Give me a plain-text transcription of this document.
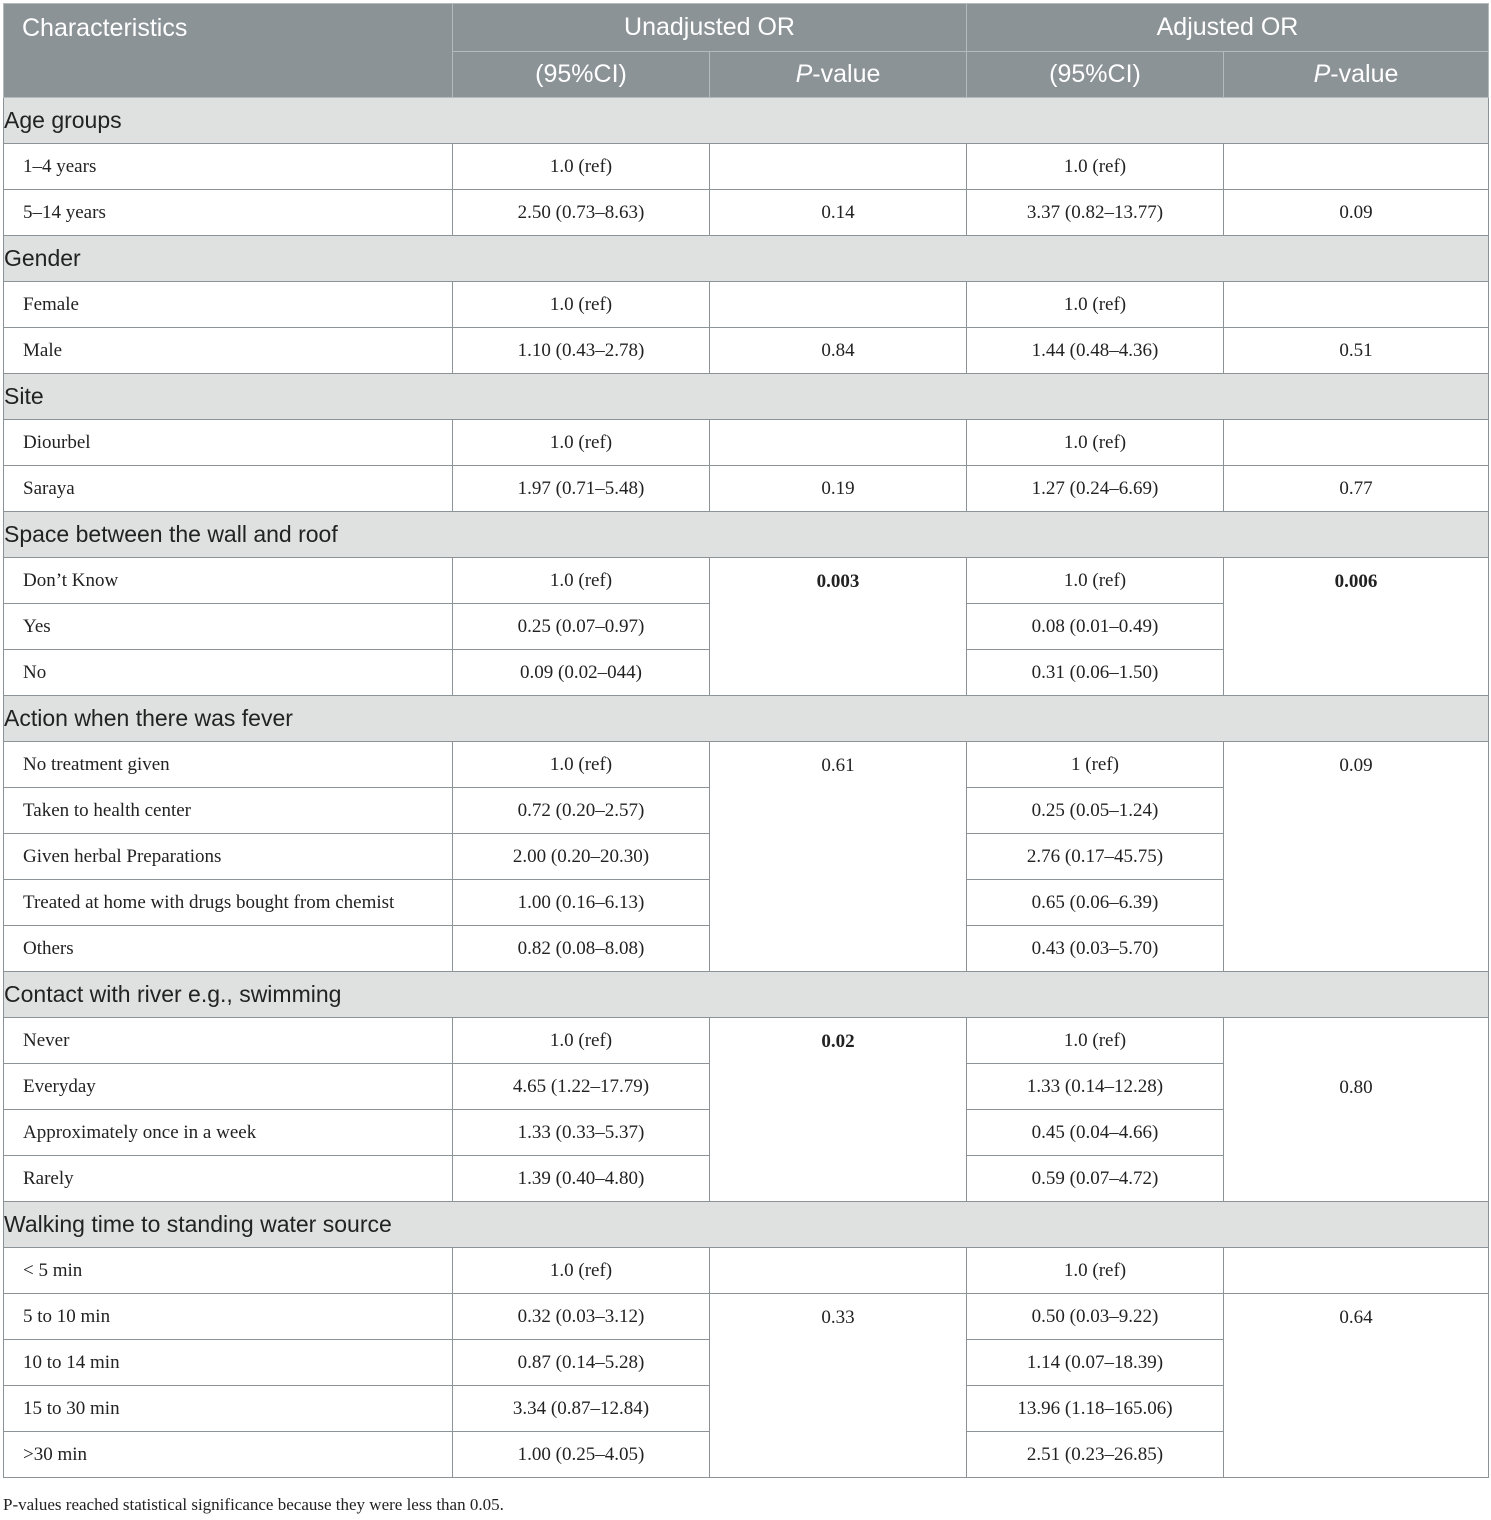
Characteristics	Unadjusted OR		Adjusted OR	
	(95%CI)	P-value	(95%CI)	P-value
Age groups				
1–4 years	1.0 (ref)		1.0 (ref)	
5–14 years	2.50 (0.73–8.63)	0.14	3.37 (0.82–13.77)	0.09
Gender				
Female	1.0 (ref)		1.0 (ref)	
Male	1.10 (0.43–2.78)	0.84	1.44 (0.48–4.36)	0.51
Site				
Diourbel	1.0 (ref)		1.0 (ref)	
Saraya	1.97 (0.71–5.48)	0.19	1.27 (0.24–6.69)	0.77
Space between the wall and roof				
Don’t Know	1.0 (ref)	0.003	1.0 (ref)	0.006
Yes	0.25 (0.07–0.97)		0.08 (0.01–0.49)	
No	0.09 (0.02–044)		0.31 (0.06–1.50)	
Action when there was fever				
No treatment given	1.0 (ref)	0.61	1 (ref)	0.09
Taken to health center	0.72 (0.20–2.57)		0.25 (0.05–1.24)	
Given herbal Preparations	2.00 (0.20–20.30)		2.76 (0.17–45.75)	
Treated at home with drugs bought from chemist	1.00 (0.16–6.13)		0.65 (0.06–6.39)	
Others	0.82 (0.08–8.08)		0.43 (0.03–5.70)	
Contact with river e.g., swimming				
Never	1.0 (ref)	0.02	1.0 (ref)	0.80
Everyday	4.65 (1.22–17.79)		1.33 (0.14–12.28)	
Approximately once in a week	1.33 (0.33–5.37)		0.45 (0.04–4.66)	
Rarely	1.39 (0.40–4.80)		0.59 (0.07–4.72)	
Walking time to standing water source				
< 5 min	1.0 (ref)		1.0 (ref)	
5 to 10 min	0.32 (0.03–3.12)	0.33	0.50 (0.03–9.22)	0.64
10 to 14 min	0.87 (0.14–5.28)		1.14 (0.07–18.39)	
15 to 30 min	3.34 (0.87–12.84)		13.96 (1.18–165.06)	
>30 min	1.00 (0.25–4.05)		2.51 (0.23–26.85)	
P-values reached statistical significance because they were less than 0.05.
